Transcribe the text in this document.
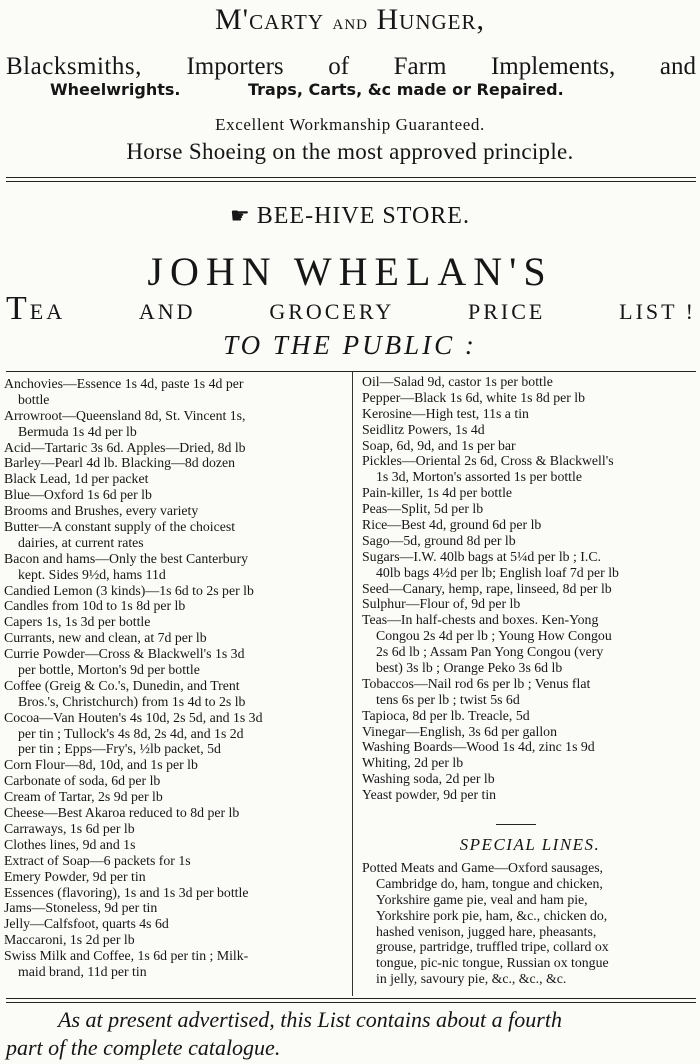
M'carty and Hunger,
Blacksmiths, Importers of Farm Implements, and
Wheelwrights.	Traps, Carts, &c made or Repaired.
Excellent Workmanship Guaranteed.
Horse Shoeing on the most approved principle.
☛ BEE-HIVE STORE.
JOHN WHELAN'S
TEA	AND	GROCERY	PRICE	LIST !
TO THE PUBLIC :
Anchovies—Essence 1s 4d, paste 1s 4d per
bottle
Arrowroot—Queensland 8d, St. Vincent 1s,
Bermuda 1s 4d per lb
Acid—Tartaric 3s 6d. Apples—Dried, 8d lb
Barley—Pearl 4d lb. Blacking—8d dozen
Black Lead, 1d per packet
Blue—Oxford 1s 6d per lb
Brooms and Brushes, every variety
Butter—A constant supply of the choicest
dairies, at current rates
Bacon and hams—Only the best Canterbury
kept. Sides 9½d, hams 11d
Candied Lemon (3 kinds)—1s 6d to 2s per lb
Candles from 10d to 1s 8d per lb
Capers 1s, 1s 3d per bottle
Currants, new and clean, at 7d per lb
Currie Powder—Cross & Blackwell's 1s 3d
per bottle, Morton's 9d per bottle
Coffee (Greig & Co.'s, Dunedin, and Trent
Bros.'s, Christchurch) from 1s 4d to 2s lb
Cocoa—Van Houten's 4s 10d, 2s 5d, and 1s 3d
per tin ; Tullock's 4s 8d, 2s 4d, and 1s 2d
per tin ; Epps—Fry's, ½lb packet, 5d
Corn Flour—8d, 10d, and 1s per lb
Carbonate of soda, 6d per lb
Cream of Tartar, 2s 9d per lb
Cheese—Best Akaroa reduced to 8d per lb
Carraways, 1s 6d per lb
Clothes lines, 9d and 1s
Extract of Soap—6 packets for 1s
Emery Powder, 9d per tin
Essences (flavoring), 1s and 1s 3d per bottle
Jams—Stoneless, 9d per tin
Jelly—Calfsfoot, quarts 4s 6d
Maccaroni, 1s 2d per lb
Swiss Milk and Coffee, 1s 6d per tin ; Milk-
maid brand, 11d per tin
Oil—Salad 9d, castor 1s per bottle
Pepper—Black 1s 6d, white 1s 8d per lb
Kerosine—High test, 11s a tin
Seidlitz Powers, 1s 4d
Soap, 6d, 9d, and 1s per bar
Pickles—Oriental 2s 6d, Cross & Blackwell's
1s 3d, Morton's assorted 1s per bottle
Pain-killer, 1s 4d per bottle
Peas—Split, 5d per lb
Rice—Best 4d, ground 6d per lb
Sago—5d, ground 8d per lb
Sugars—I.W. 40lb bags at 5¼d per lb ; I.C.
40lb bags 4½d per lb; English loaf 7d per lb
Seed—Canary, hemp, rape, linseed, 8d per lb
Sulphur—Flour of, 9d per lb
Teas—In half-chests and boxes. Ken-Yong
Congou 2s 4d per lb ; Young How Congou
2s 6d lb ; Assam Pan Yong Congou (very
best) 3s lb ; Orange Peko 3s 6d lb
Tobaccos—Nail rod 6s per lb ; Venus flat
tens 6s per lb ; twist 5s 6d
Tapioca, 8d per lb. Treacle, 5d
Vinegar—English, 3s 6d per gallon
Washing Boards—Wood 1s 4d, zinc 1s 9d
Whiting, 2d per lb
Washing soda, 2d per lb
Yeast powder, 9d per tin
SPECIAL LINES.
Potted Meats and Game—Oxford sausages,
Cambridge do, ham, tongue and chicken,
Yorkshire game pie, veal and ham pie,
Yorkshire pork pie, ham, &c., chicken do,
hashed venison, jugged hare, pheasants,
grouse, partridge, truffled tripe, collard ox
tongue, pic-nic tongue, Russian ox tongue
in jelly, savoury pie, &c., &c., &c.
As at present advertised, this List contains about a fourth
part of the complete catalogue.
